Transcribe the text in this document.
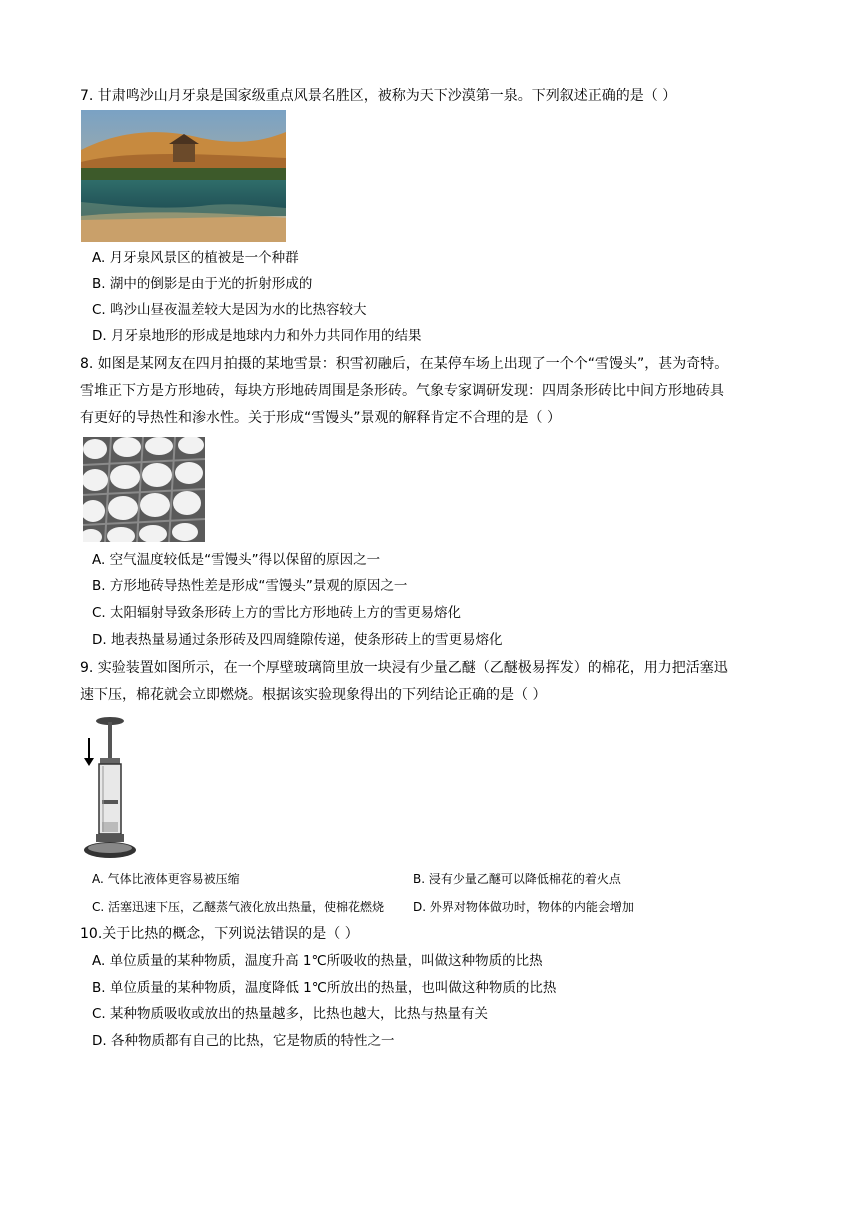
7. 甘肃鸣沙山月牙泉是国家级重点风景名胜区，被称为天下沙漠第一泉。下列叙述正确的是（ ）
A. 月牙泉风景区的植被是一个种群
B. 湖中的倒影是由于光的折射形成的
C. 鸣沙山昼夜温差较大是因为水的比热容较大
D. 月牙泉地形的形成是地球内力和外力共同作用的结果
8. 如图是某网友在四月拍摄的某地雪景：积雪初融后，在某停车场上出现了一个个“雪馒头”，甚为奇特。
雪堆正下方是方形地砖，每块方形地砖周围是条形砖。气象专家调研发现：四周条形砖比中间方形地砖具
有更好的导热性和渗水性。关于形成“雪馒头”景观的解释肯定不合理的是（ ）
A. 空气温度较低是“雪馒头”得以保留的原因之一
B. 方形地砖导热性差是形成“雪馒头”景观的原因之一
C. 太阳辐射导致条形砖上方的雪比方形地砖上方的雪更易熔化
D. 地表热量易通过条形砖及四周缝隙传递，使条形砖上的雪更易熔化
9. 实验装置如图所示，在一个厚壁玻璃筒里放一块浸有少量乙醚（乙醚极易挥发）的棉花，用力把活塞迅
速下压，棉花就会立即燃烧。根据该实验现象得出的下列结论正确的是（ ）
A. 气体比液体更容易被压缩	B. 浸有少量乙醚可以降低棉花的着火点
C. 活塞迅速下压，乙醚蒸气液化放出热量，使棉花燃烧 D. 外界对物体做功时，物体的内能会增加
10.关于比热的概念，下列说法错误的是（ ）
A. 单位质量的某种物质，温度升高 1℃所吸收的热量，叫做这种物质的比热
B. 单位质量的某种物质，温度降低 1℃所放出的热量，也叫做这种物质的比热
C. 某种物质吸收或放出的热量越多，比热也越大，比热与热量有关
D. 各种物质都有自己的比热，它是物质的特性之一
